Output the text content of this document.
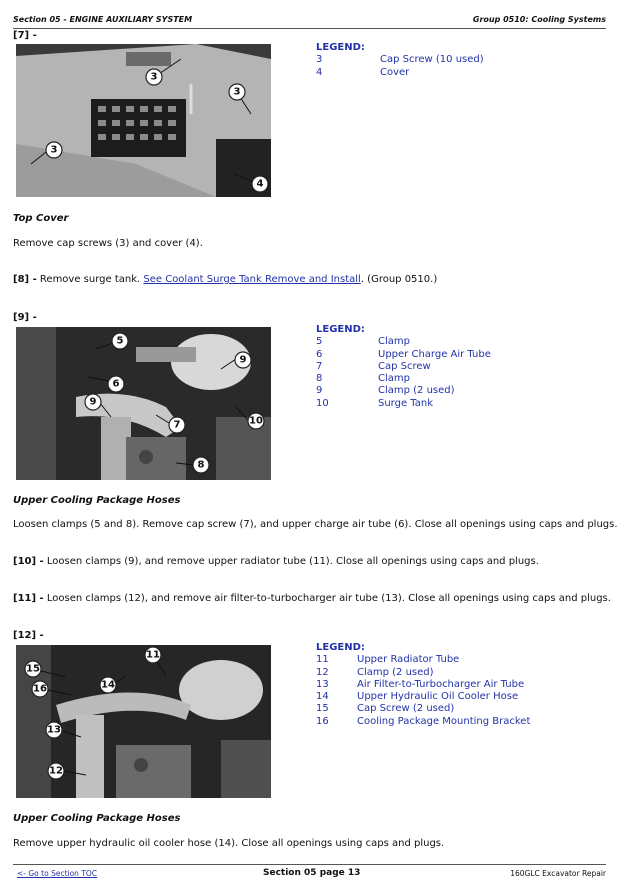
Section 05 - ENGINE AUXILIARY SYSTEM	Group 0510: Cooling Systems
[7] -
3
3
3
4
LEGEND:
3	Cap Screw (10 used)
4	Cover
Top Cover
Remove cap screws (3) and cover (4).
[8] - Remove surge tank. See Coolant Surge Tank Remove and Install. (Group 0510.)
[9] -
5
9
6
9
7	10
8
LEGEND:
5	Clamp
6	Upper Charge Air Tube
7	Cap Screw
8	Clamp
9	Clamp (2 used)
10	Surge Tank
Upper Cooling Package Hoses
Loosen clamps (5 and 8). Remove cap screw (7), and upper charge air tube (6). Close all openings using caps and plugs.
[10] - Loosen clamps (9), and remove upper radiator tube (11). Close all openings using caps and plugs.
[11] - Loosen clamps (12), and remove air filter-to-turbocharger air tube (13). Close all openings using caps and plugs.
[12] -
15
11
16	14
13
12
LEGEND:
11	Upper Radiator Tube
12	Clamp (2 used)
13	Air Filter-to-Turbocharger Air Tube
14	Upper Hydraulic Oil Cooler Hose
15	Cap Screw (2 used)
16	Cooling Package Mounting Bracket
Upper Cooling Package Hoses
Remove upper hydraulic oil cooler hose (14). Close all openings using caps and plugs.
<- Go to Section TOC	Section 05 page 13	160GLC Excavator Repair
